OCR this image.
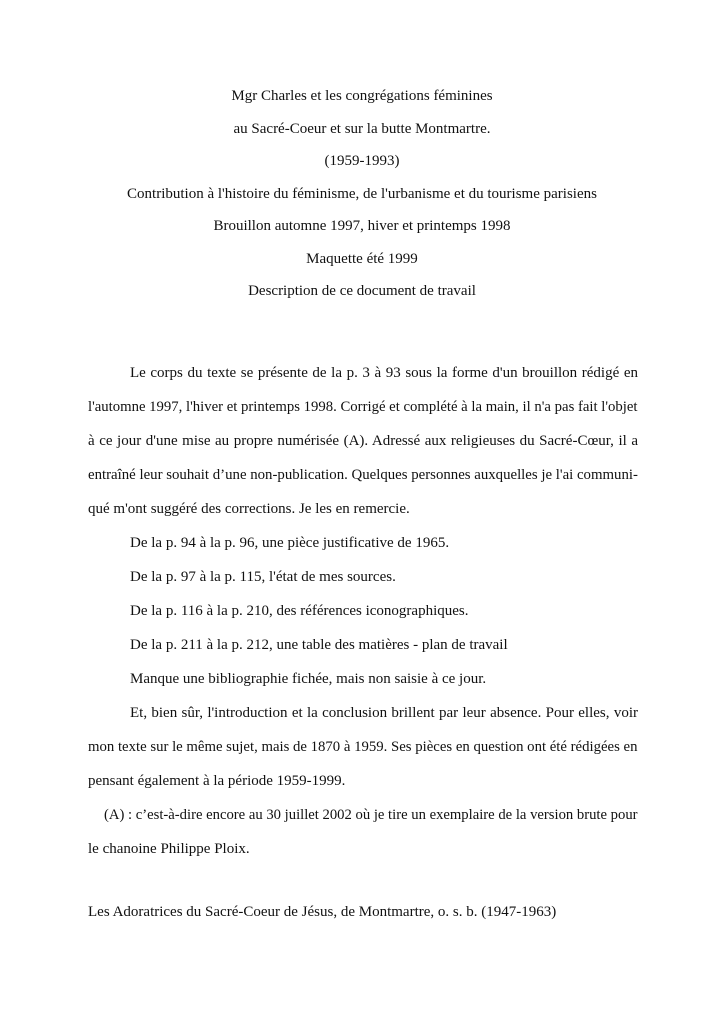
Mgr Charles et les congrégations féminines
au Sacré-Coeur et sur la butte Montmartre.
(1959-1993)
Contribution à l'histoire du féminisme, de l'urbanisme et du tourisme parisiens
Brouillon automne 1997, hiver et printemps 1998
Maquette été 1999
Description de ce document de travail
Le corps du texte se présente de la p. 3 à 93 sous la forme d'un brouillon rédigé en
l'automne 1997, l'hiver et printemps 1998. Corrigé et complété à la main, il n'a pas fait l'objet
à ce jour d'une mise au propre numérisée (A). Adressé aux religieuses du Sacré-Cœur, il a
entraîné leur souhait d’une non-publication. Quelques personnes auxquelles je l'ai communi-
qué m'ont suggéré des corrections. Je les en remercie.
De la p. 94 à la p. 96, une pièce justificative de 1965.
De la p. 97 à la p. 115, l'état de mes sources.
De la p. 116 à la p. 210, des références iconographiques.
De la p. 211 à la p. 212, une table des matières - plan de travail
Manque une bibliographie fichée, mais non saisie à ce jour.
Et, bien sûr, l'introduction et la conclusion brillent par leur absence. Pour elles, voir
mon texte sur le même sujet, mais de 1870 à 1959. Ses pièces en question ont été rédigées en
pensant également à la période 1959-1999.
(A) : c’est-à-dire encore au 30 juillet 2002 où je tire un exemplaire de la version brute pour
le chanoine Philippe Ploix.
Les Adoratrices du Sacré-Coeur de Jésus, de Montmartre, o. s. b. (1947-1963)
